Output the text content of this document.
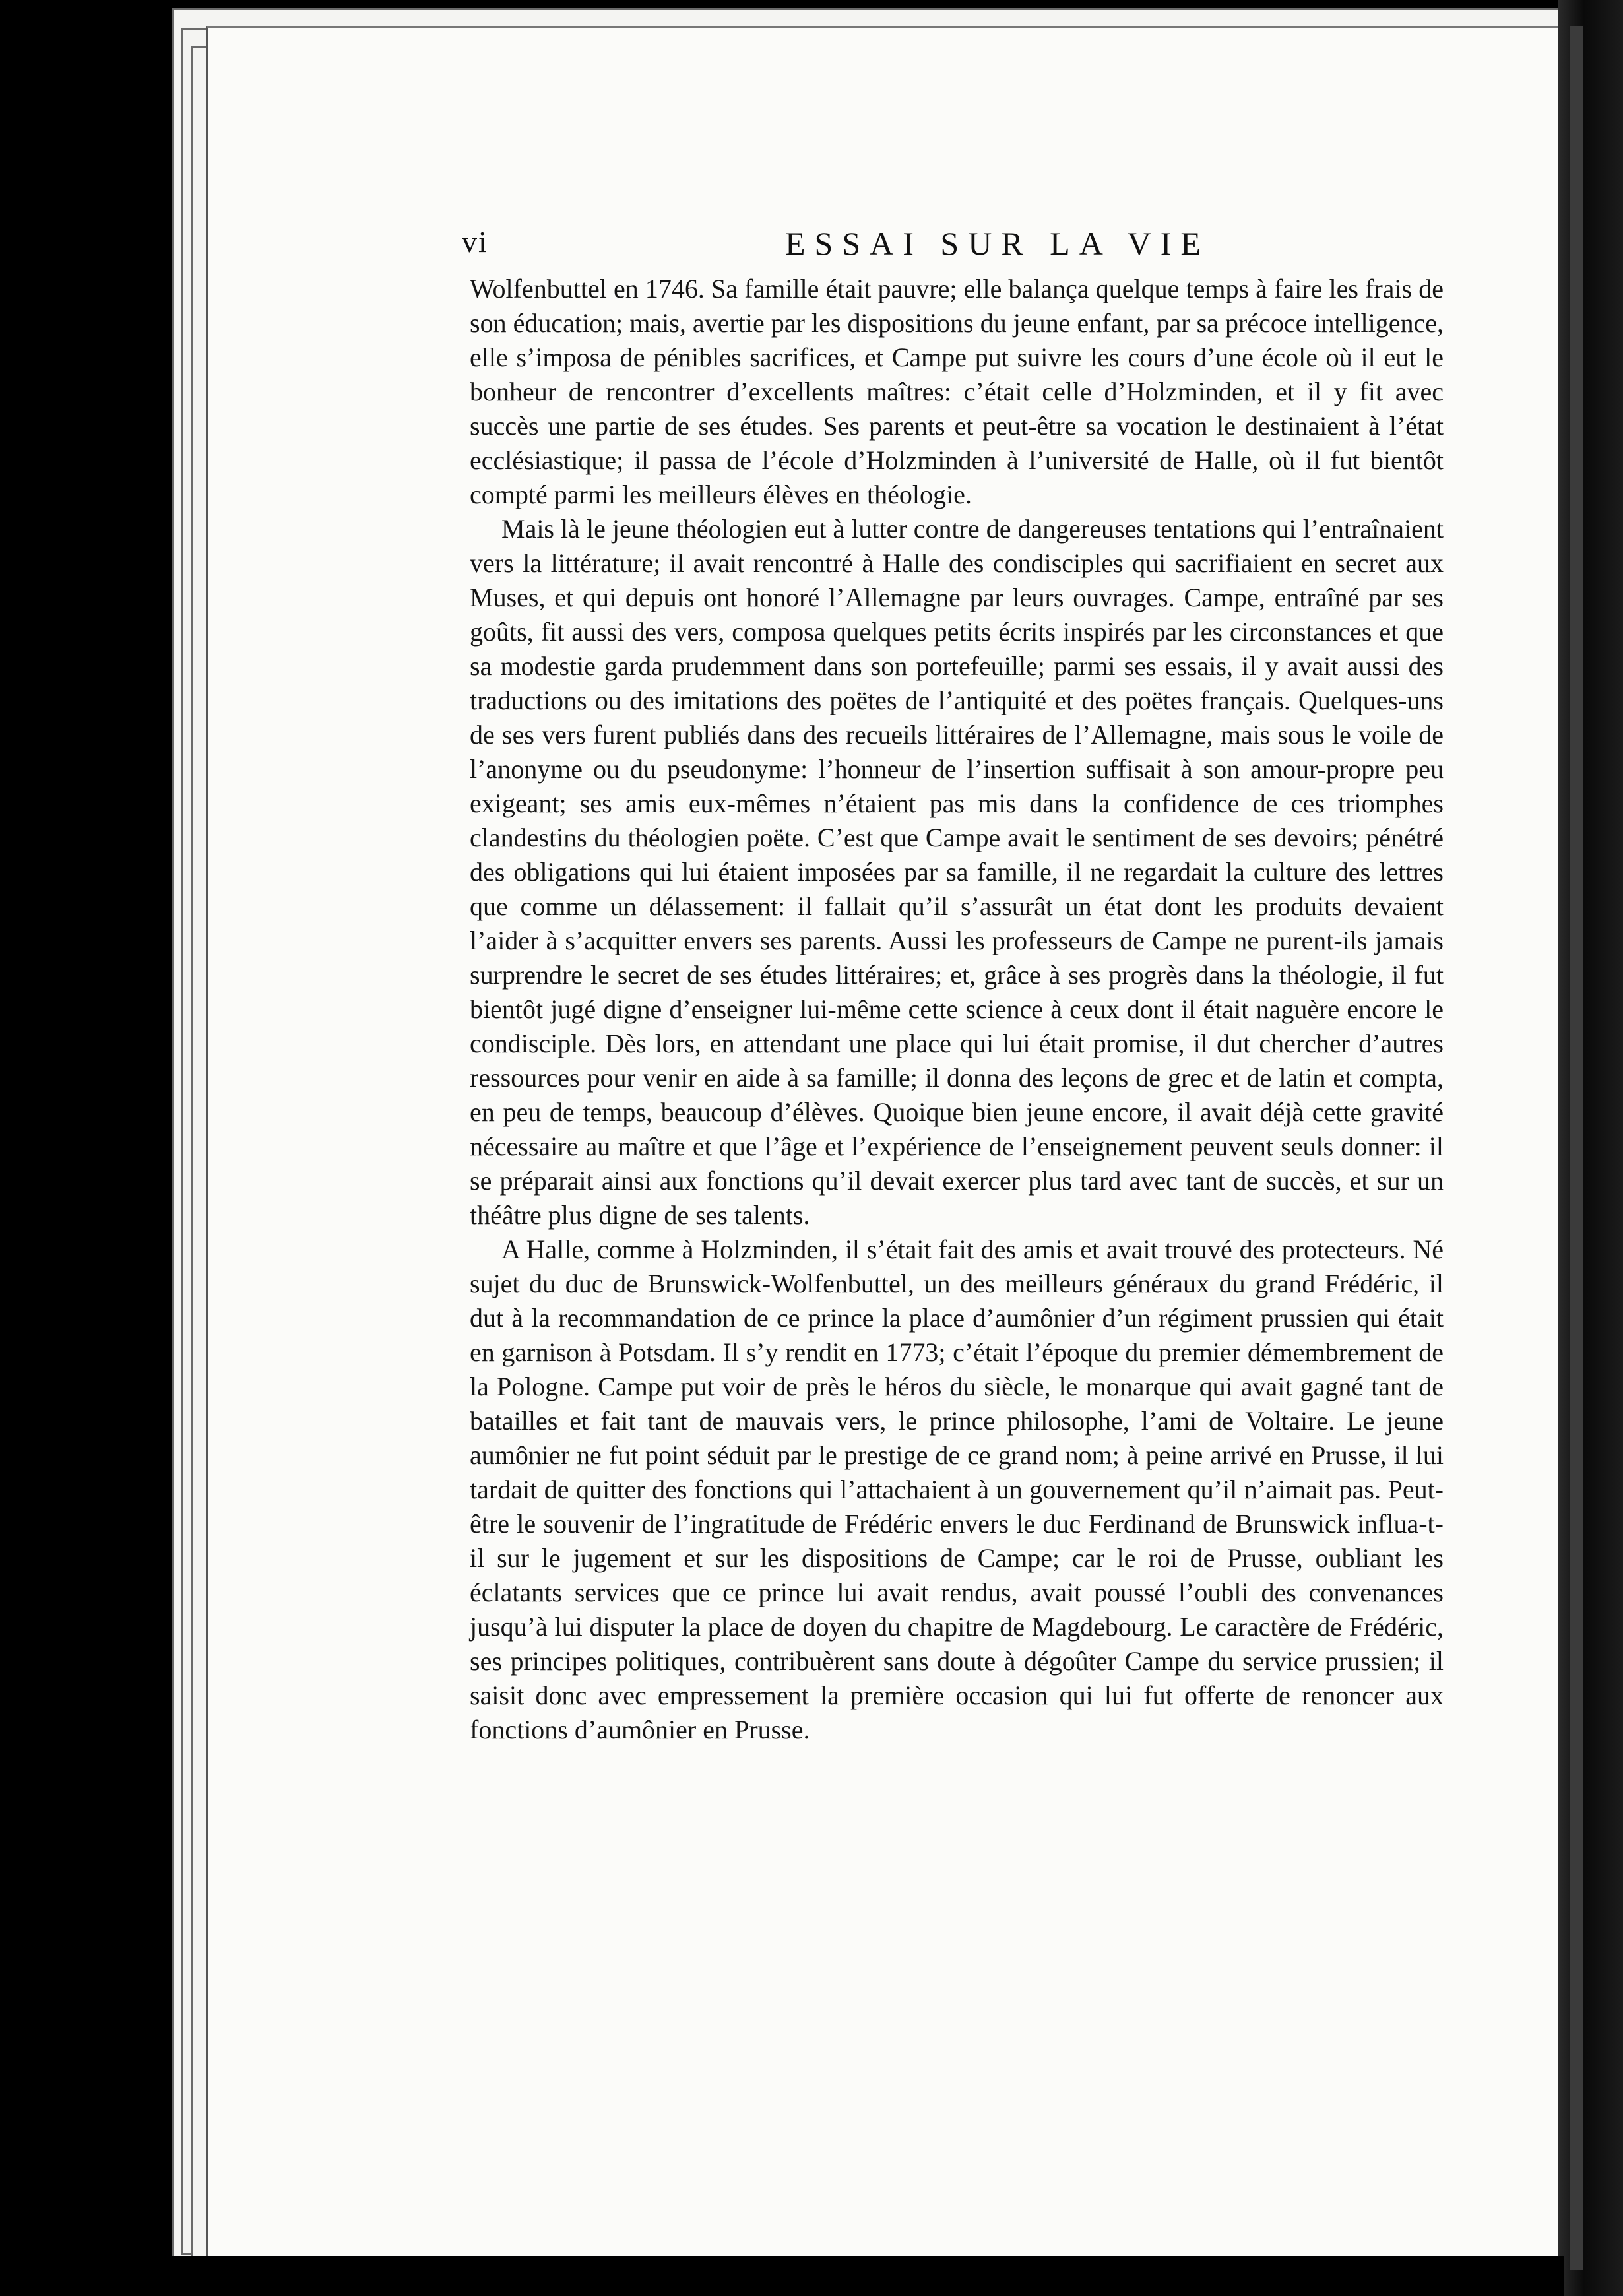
vi	ESSAI SUR LA VIE

Wolfenbuttel en 1746. Sa famille était pauvre; elle balança quelque temps à faire les frais de son éducation; mais, avertie par les dispositions du jeune enfant, par sa précoce intelligence, elle s’imposa de pénibles sacrifices, et Campe put suivre les cours d’une école où il eut le bonheur de rencontrer d’excellents maîtres: c’était celle d’Holzminden, et il y fit avec succès une partie de ses études. Ses parents et peut-être sa vocation le destinaient à l’état ecclésiastique; il passa de l’école d’Holzminden à l’université de Halle, où il fut bientôt compté parmi les meilleurs élèves en théologie.

Mais là le jeune théologien eut à lutter contre de dangereuses tentations qui l’entraînaient vers la littérature; il avait rencontré à Halle des condisciples qui sacrifiaient en secret aux Muses, et qui depuis ont honoré l’Allemagne par leurs ouvrages. Campe, entraîné par ses goûts, fit aussi des vers, composa quelques petits écrits inspirés par les circonstances et que sa modestie garda prudemment dans son portefeuille; parmi ses essais, il y avait aussi des traductions ou des imitations des poëtes de l’antiquité et des poëtes français. Quelques-uns de ses vers furent publiés dans des recueils littéraires de l’Allemagne, mais sous le voile de l’anonyme ou du pseudonyme: l’honneur de l’insertion suffisait à son amour-propre peu exigeant; ses amis eux-mêmes n’étaient pas mis dans la confidence de ces triomphes clandestins du théologien poëte. C’est que Campe avait le sentiment de ses devoirs; pénétré des obligations qui lui étaient imposées par sa famille, il ne regardait la culture des lettres que comme un délassement: il fallait qu’il s’assurât un état dont les produits devaient l’aider à s’acquitter envers ses parents. Aussi les professeurs de Campe ne purent-ils jamais surprendre le secret de ses études littéraires; et, grâce à ses progrès dans la théologie, il fut bientôt jugé digne d’enseigner lui-même cette science à ceux dont il était naguère encore le condisciple. Dès lors, en attendant une place qui lui était promise, il dut chercher d’autres ressources pour venir en aide à sa famille; il donna des leçons de grec et de latin et compta, en peu de temps, beaucoup d’élèves. Quoique bien jeune encore, il avait déjà cette gravité nécessaire au maître et que l’âge et l’expérience de l’enseignement peuvent seuls donner: il se préparait ainsi aux fonctions qu’il devait exercer plus tard avec tant de succès, et sur un théâtre plus digne de ses talents.

A Halle, comme à Holzminden, il s’était fait des amis et avait trouvé des protecteurs. Né sujet du duc de Brunswick-Wolfenbuttel, un des meilleurs généraux du grand Frédéric, il dut à la recommandation de ce prince la place d’aumônier d’un régiment prussien qui était en garnison à Potsdam. Il s’y rendit en 1773; c’était l’époque du premier démembrement de la Pologne. Campe put voir de près le héros du siècle, le monarque qui avait gagné tant de batailles et fait tant de mauvais vers, le prince philosophe, l’ami de Voltaire. Le jeune aumônier ne fut point séduit par le prestige de ce grand nom; à peine arrivé en Prusse, il lui tardait de quitter des fonctions qui l’attachaient à un gouvernement qu’il n’aimait pas. Peut-être le souvenir de l’ingratitude de Frédéric envers le duc Ferdinand de Brunswick influa-t-il sur le jugement et sur les dispositions de Campe; car le roi de Prusse, oubliant les éclatants services que ce prince lui avait rendus, avait poussé l’oubli des convenances jusqu’à lui disputer la place de doyen du chapitre de Magdebourg. Le caractère de Frédéric, ses principes politiques, contribuèrent sans doute à dégoûter Campe du service prussien; il saisit donc avec empressement la première occasion qui lui fut offerte de renoncer aux fonctions d’aumônier en Prusse.
